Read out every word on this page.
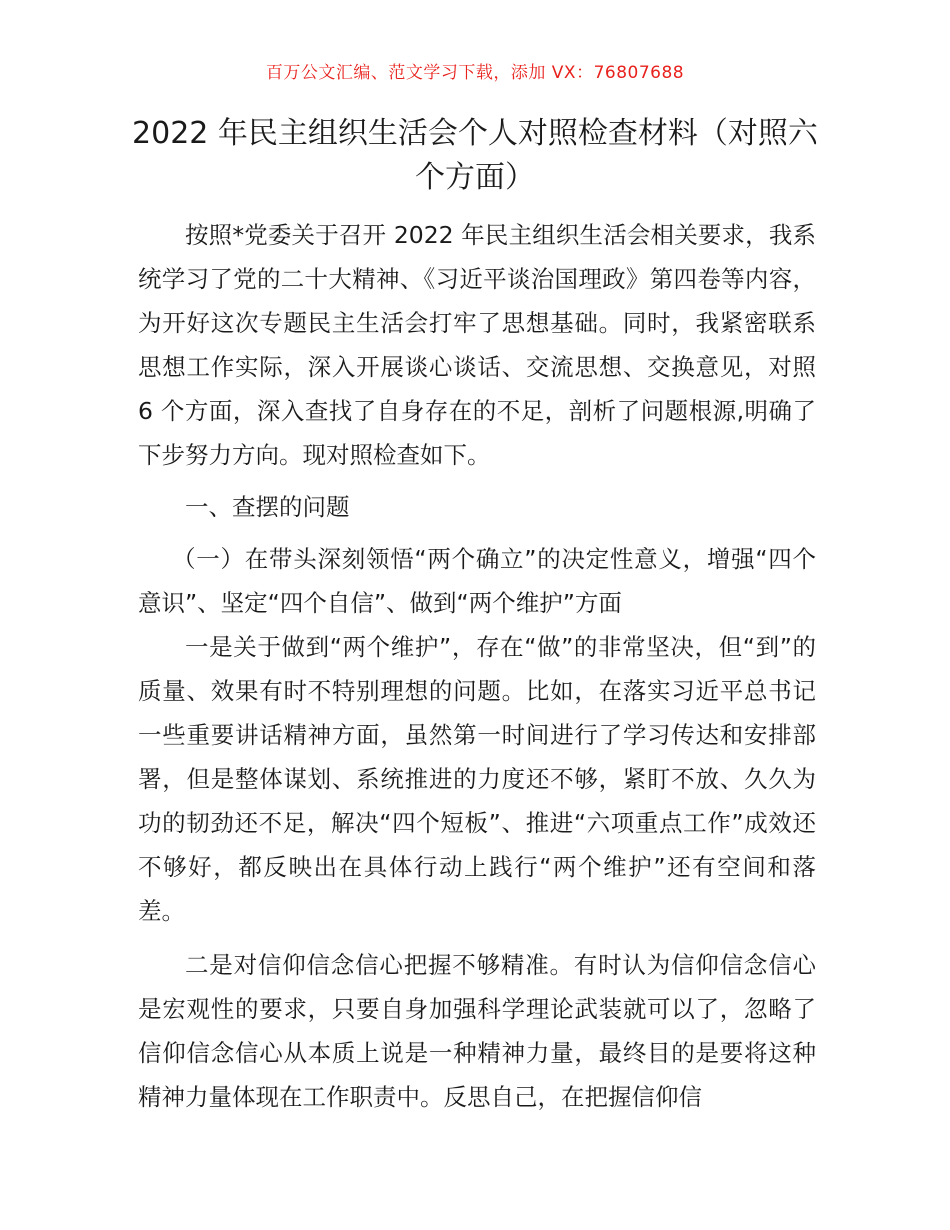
百万公文汇编、范文学习下载，添加 VX：76807688
2022 年民主组织生活会个人对照检查材料（对照六个方面）

按照*党委关于召开 2022 年民主组织生活会相关要求，我系统学习了党的二十大精神、《习近平谈治国理政》第四卷等内容，为开好这次专题民主生活会打牢了思想基础。同时，我紧密联系思想工作实际，深入开展谈心谈话、交流思想、交换意见，对照 6 个方面，深入查找了自身存在的不足，剖析了问题根源,明确了下步努力方向。现对照检查如下。

一、查摆的问题

（一）在带头深刻领悟“两个确立”的决定性意义，增强“四个意识”、坚定“四个自信”、做到“两个维护”方面

一是关于做到“两个维护”，存在“做”的非常坚决，但“到”的质量、效果有时不特别理想的问题。比如，在落实习近平总书记一些重要讲话精神方面，虽然第一时间进行了学习传达和安排部署，但是整体谋划、系统推进的力度还不够，紧盯不放、久久为功的韧劲还不足，解决“四个短板”、推进“六项重点工作”成效还不够好，都反映出在具体行动上践行“两个维护”还有空间和落差。

二是对信仰信念信心把握不够精准。有时认为信仰信念信心是宏观性的要求，只要自身加强科学理论武装就可以了，忽略了信仰信念信心从本质上说是一种精神力量，最终目的是要将这种精神力量体现在工作职责中。反思自己，在把握信仰信
